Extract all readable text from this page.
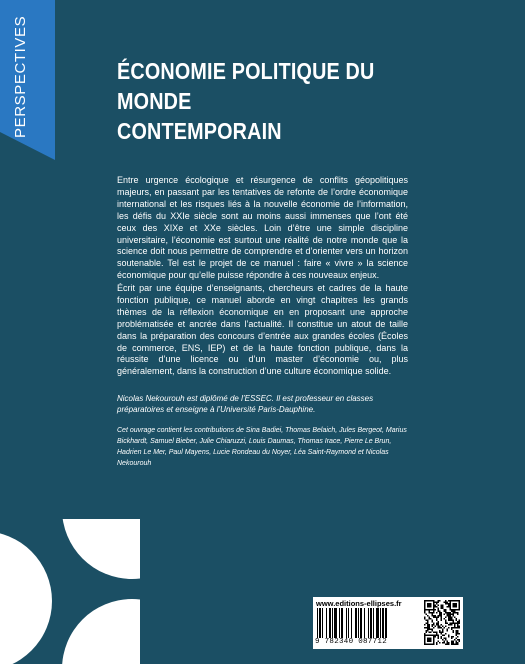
PERSPECTIVES	ÉCONOMIE POLITIQUE DU MONDE
CONTEMPORAIN

Entre urgence écologique et résurgence de conflits géopolitiques majeurs, en passant par les tentatives de refonte de l’ordre économique international et les risques liés à la nouvelle économie de l’information, les défis du XXIe siècle sont au moins aussi immenses que l’ont été ceux des XIXe et XXe siècles. Loin d’être une simple discipline universitaire, l’économie est surtout une réalité de notre monde que la science doit nous permettre de comprendre et d’orienter vers un horizon soutenable. Tel est le projet de ce manuel : faire « vivre » la science économique pour qu’elle puisse répondre à ces nouveaux enjeux.

Écrit par une équipe d’enseignants, chercheurs et cadres de la haute fonction publique, ce manuel aborde en vingt chapitres les grands thèmes de la réflexion économique en en proposant une approche problématisée et ancrée dans l’actualité. Il constitue un atout de taille dans la préparation des concours d’entrée aux grandes écoles (Écoles de commerce, ENS, IEP) et de la haute fonction publique, dans la réussite d’une licence ou d’un master d’économie ou, plus généralement, dans la construction d’une culture économique solide.

Nicolas Nekourouh est diplômé de l’ESSEC. Il est professeur en classes préparatoires et enseigne à l’Université Paris-Dauphine.

Cet ouvrage contient les contributions de Sina Badiei, Thomas Belaich, Jules Bergeot, Marius Bickhardt, Samuel Bieber, Julie Chiaruzzi, Louis Daumas, Thomas Irace, Pierre Le Brun, Hadrien Le Mer, Paul Mayens, Lucie Rondeau du Noyer, Léa Saint-Raymond et Nicolas Nekourouh

www.editions-ellipses.fr
9 782340 087712
